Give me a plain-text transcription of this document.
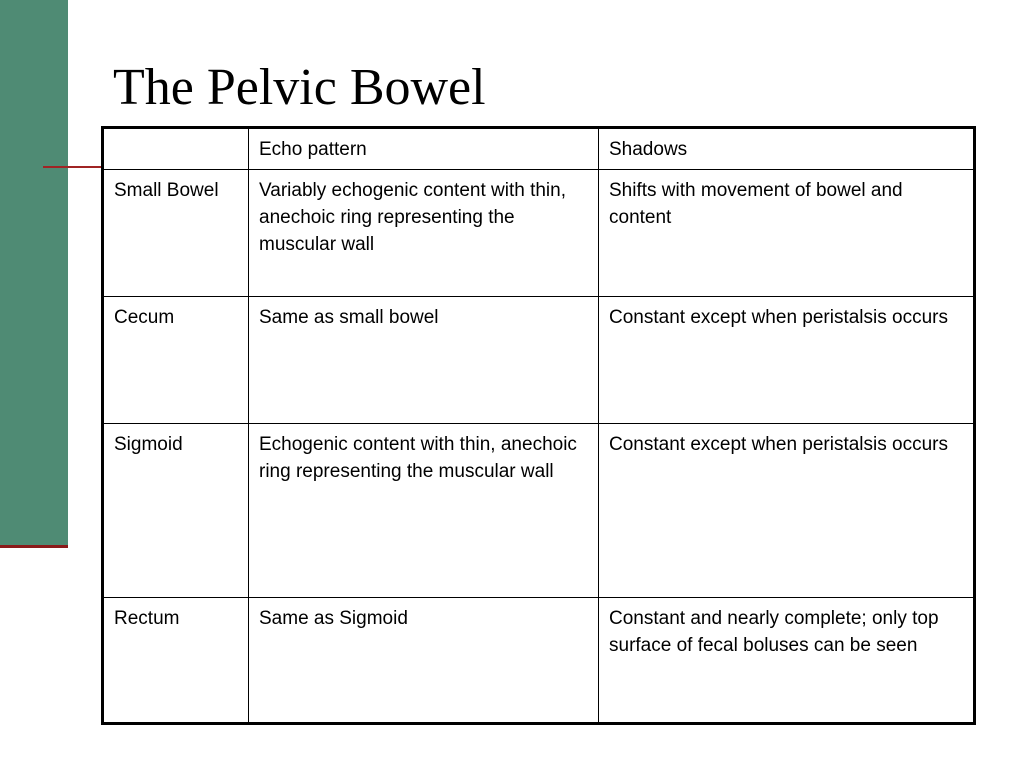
The Pelvic Bowel
	Echo pattern	Shadows
Small Bowel	Variably echogenic content with thin, anechoic ring representing the muscular wall	Shifts with movement of bowel and content
Cecum	Same as small bowel	Constant except when peristalsis occurs
Sigmoid	Echogenic content with thin, anechoic ring representing the muscular wall	Constant except when peristalsis occurs
Rectum	Same as Sigmoid	Constant and nearly complete; only top surface of fecal boluses can be seen
